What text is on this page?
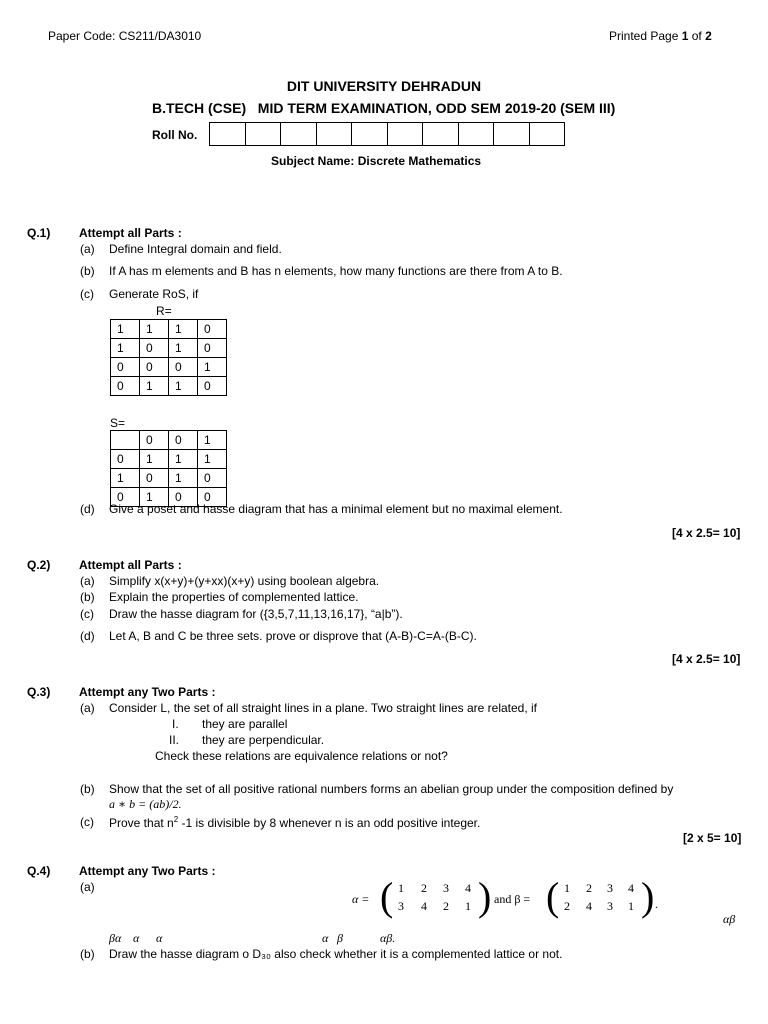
Paper Code: CS211/DA3010	Printed Page 1 of 2
DIT UNIVERSITY DEHRADUN
B.TECH (CSE)   MID TERM EXAMINATION, ODD SEM 2019-20 (SEM III)
Roll No.
Subject Name: Discrete Mathematics
Q.1) Attempt all Parts :
(a) Define Integral domain and field.
(b) If A has m elements and B has n elements, how many functions are there from A to B.
(c) Generate RoS, if
R=
1	1	1	0
1	0	1	0
0	0	0	1
0	1	1	0
S=
	0	0	1
0	1	1	1
1	0	1	0
0	1	0	0
(d) Give a poset and hasse diagram that has a minimal element but no maximal element.
[4 x 2.5= 10]
Q.2) Attempt all Parts :
(a) Simplify x(x+y)+(y+xx)(x+y) using boolean algebra.
(b) Explain the properties of complemented lattice.
(c) Draw the hasse diagram for ({3,5,7,11,13,16,17}, “a|b”).
(d) Let A, B and C be three sets. prove or disprove that (A-B)-C=A-(B-C).
[4 x 2.5= 10]
Q.3) Attempt any Two Parts :
(a) Consider L, the set of all straight lines in a plane. Two straight lines are related, if
I. they are parallel
II. they are perpendicular.
Check these relations are equivalence relations or not?
(b) Show that the set of all positive rational numbers forms an abelian group under the composition defined by
a ∗ b = (ab)/2.
(c) Prove that $n^2$ -1 is divisible by 8 whenever n is an odd positive integer.
[2 x 5= 10]
Q.4) Attempt any Two Parts :
(a)
α = ( 1 2 3 4
3 4 2 1 ) and β = ( 1 2 3 4
2 4 3 1 ) .
αβ
βα α α	α β	αβ.
(b) Draw the hasse diagram o D₃₀ also check whether it is a complemented lattice or not.
